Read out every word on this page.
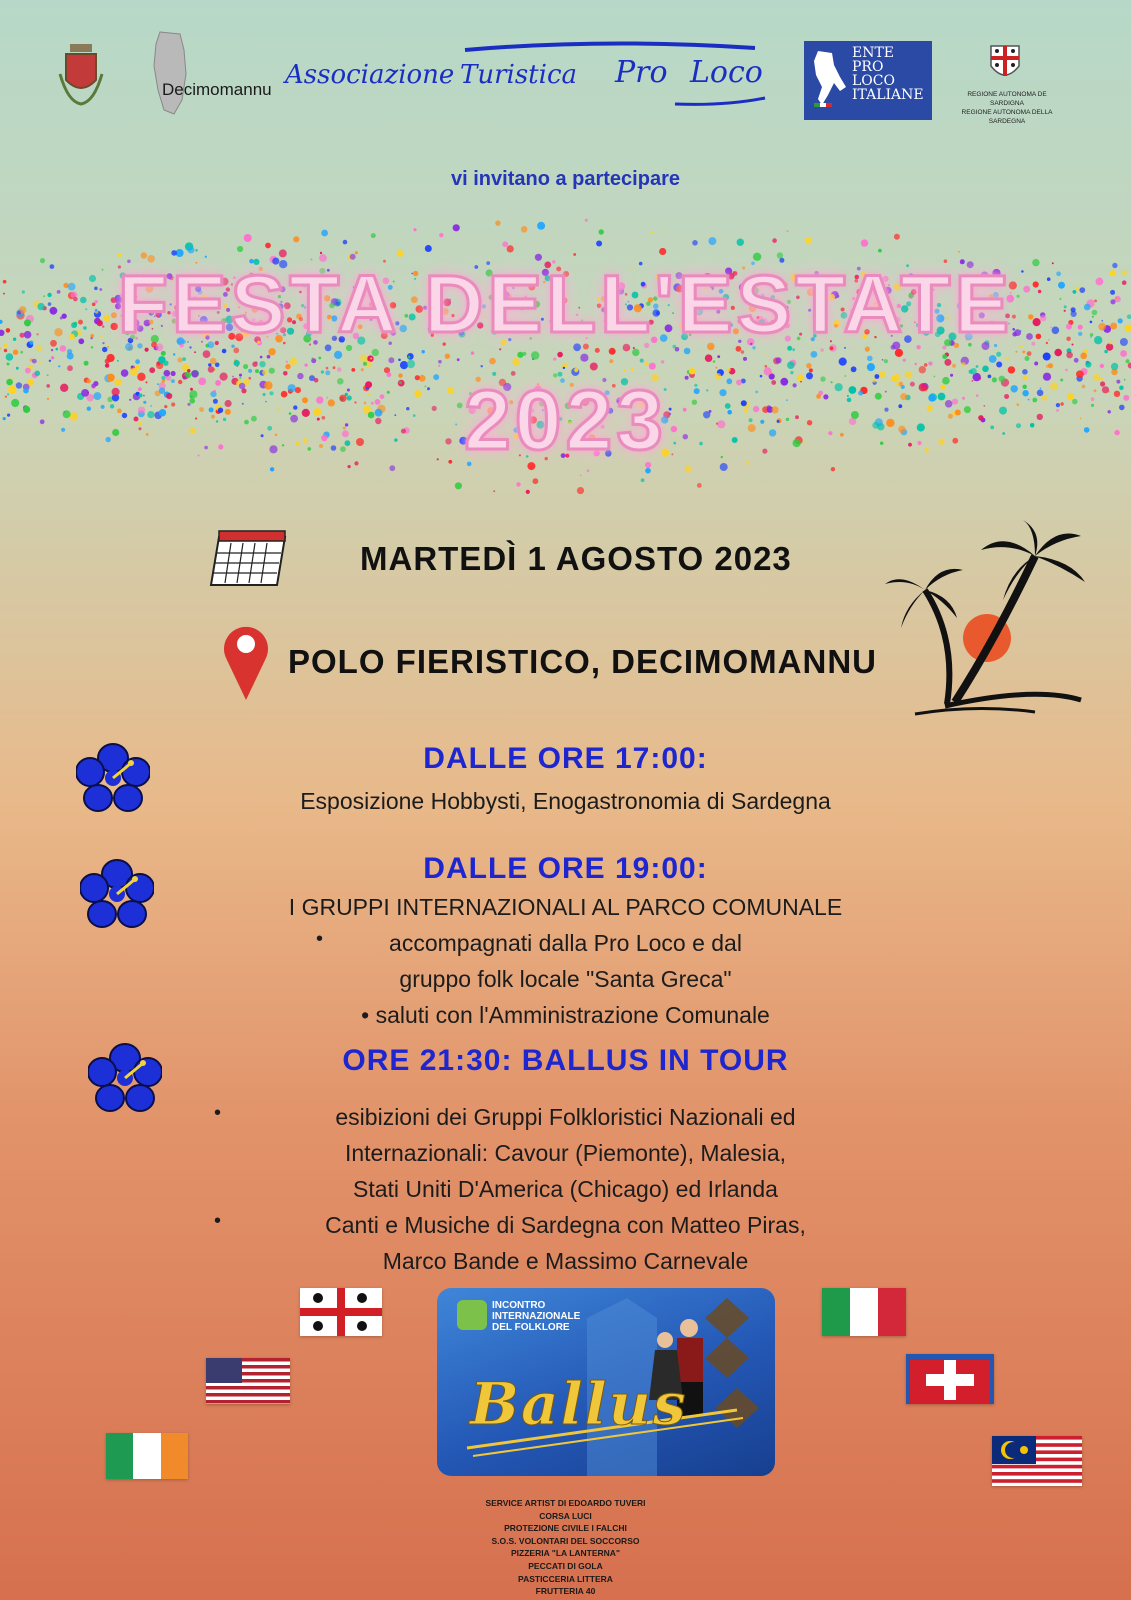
Decimomannu Associazione Turistica Pro Loco
ENTE
PRO
LOCO
ITALIANE	REGIONE AUTONOMA DE SARDIGNA
REGIONE AUTONOMA DELLA SARDEGNA
vi invitano a partecipare
FESTA DELL'ESTATE
2023
MARTEDÌ 1 AGOSTO 2023
POLO FIERISTICO, DECIMOMANNU
DALLE ORE 17:00:
Esposizione Hobbysti, Enogastronomia di Sardegna
DALLE ORE 19:00:
I GRUPPI INTERNAZIONALI AL PARCO COMUNALE
•	accompagnati dalla Pro Loco e dal
gruppo folk locale "Santa Greca"
• saluti con l'Amministrazione Comunale
ORE 21:30: BALLUS IN TOUR
•	esibizioni dei Gruppi Folkloristici Nazionali ed
Internazionali: Cavour (Piemonte), Malesia,
Stati Uniti D'America (Chicago) ed Irlanda
•	Canti e Musiche di Sardegna con Matteo Piras,
Marco Bande e Massimo Carnevale
INCONTRO
INTERNAZIONALE
DEL FOLKLORE
Ballus
SERVICE ARTIST DI EDOARDO TUVERI
CORSA LUCI
PROTEZIONE CIVILE I FALCHI
S.O.S. VOLONTARI DEL SOCCORSO
PIZZERIA "LA LANTERNA"
PECCATI DI GOLA
PASTICCERIA LITTERA
FRUTTERIA 40
